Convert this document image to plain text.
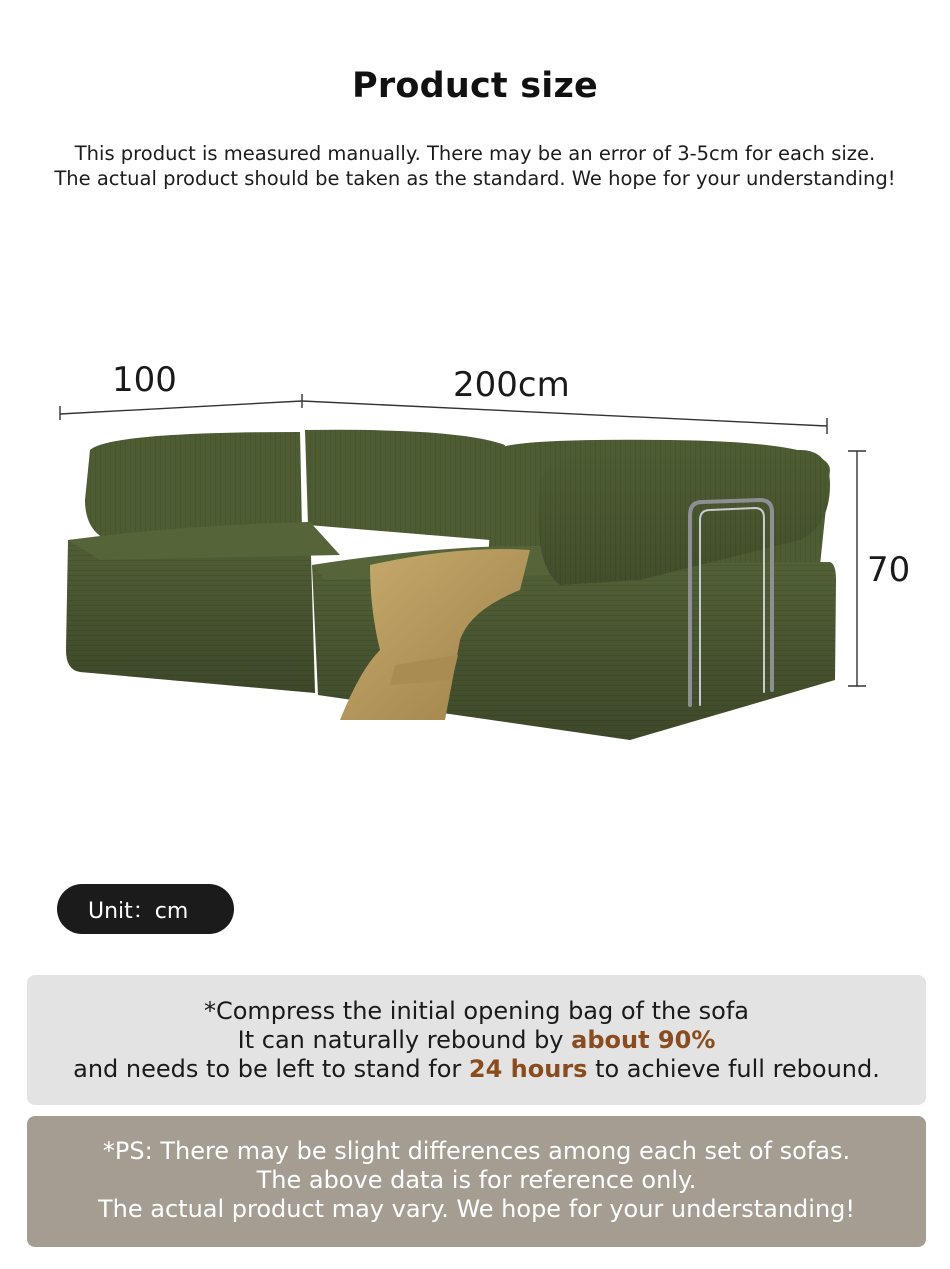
Product size
This product is measured manually. There may be an error of 3-5cm for each size.
The actual product should be taken as the standard. We hope for your understanding!
100	200cm
70
Unit：cm
*Compress the initial opening bag of the sofa
It can naturally rebound by about 90%
and needs to be left to stand for 24 hours to achieve full rebound.
*PS: There may be slight differences among each set of sofas.
The above data is for reference only.
The actual product may vary. We hope for your understanding!
